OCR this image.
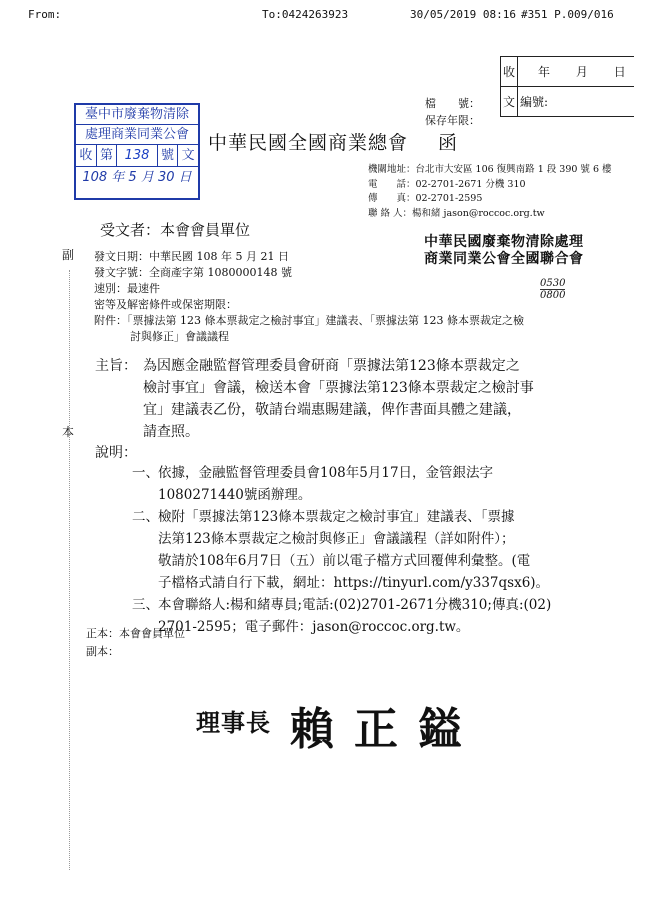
From:	To:0424263923	30/05/2019 08:16 #351 P.009/016
收	年 月 日
文	編號:
檔　　號：
保存年限：
臺中市廢棄物清除
處理商業同業公會
收 第 138 號 文
108 年 5 月 30 日
中華民國全國商業總會 函
機關地址：台北市大安區 106 復興南路 1 段 390 號 6 樓
電　　話：02-2701-2671 分機 310
傳　　真：02-2701-2595
聯 絡 人：楊和緒 jason@roccoc.org.tw
受文者：本會會員單位
中華民國廢棄物清除處理
商業同業公會全國聯合會
0530
0800
副
本
發文日期：中華民國 108 年 5 月 21 日
發文字號：全商產字第 1080000148 號
速別：最速件
密等及解密條件或保密期限：
附件：「票據法第 123 條本票裁定之檢討事宜」建議表、「票據法第 123 條本票裁定之檢
討與修正」會議議程
主旨： 為因應金融監督管理委員會研商「票據法第123條本票裁定之
檢討事宜」會議，檢送本會「票據法第123條本票裁定之檢討事
宜」建議表乙份，敬請台端惠賜建議，俾作書面具體之建議，
請查照。
說明：
一、 依據，金融監督管理委員會108年5月17日，金管銀法字
1080271440號函辦理。
二、 檢附「票據法第123條本票裁定之檢討事宜」建議表、「票據
法第123條本票裁定之檢討與修正」會議議程（詳如附件）；
敬請於108年6月7日（五）前以電子檔方式回覆俾利彙整。(電
子檔格式請自行下載，網址：https://tinyurl.com/y337qsx6)。
三、 本會聯絡人:楊和緒專員;電話:(02)2701-2671分機310;傳真:(02)
2701-2595；電子郵件：jason@roccoc.org.tw。
正本：本會會員單位
副本：
理事長 賴正鎰
